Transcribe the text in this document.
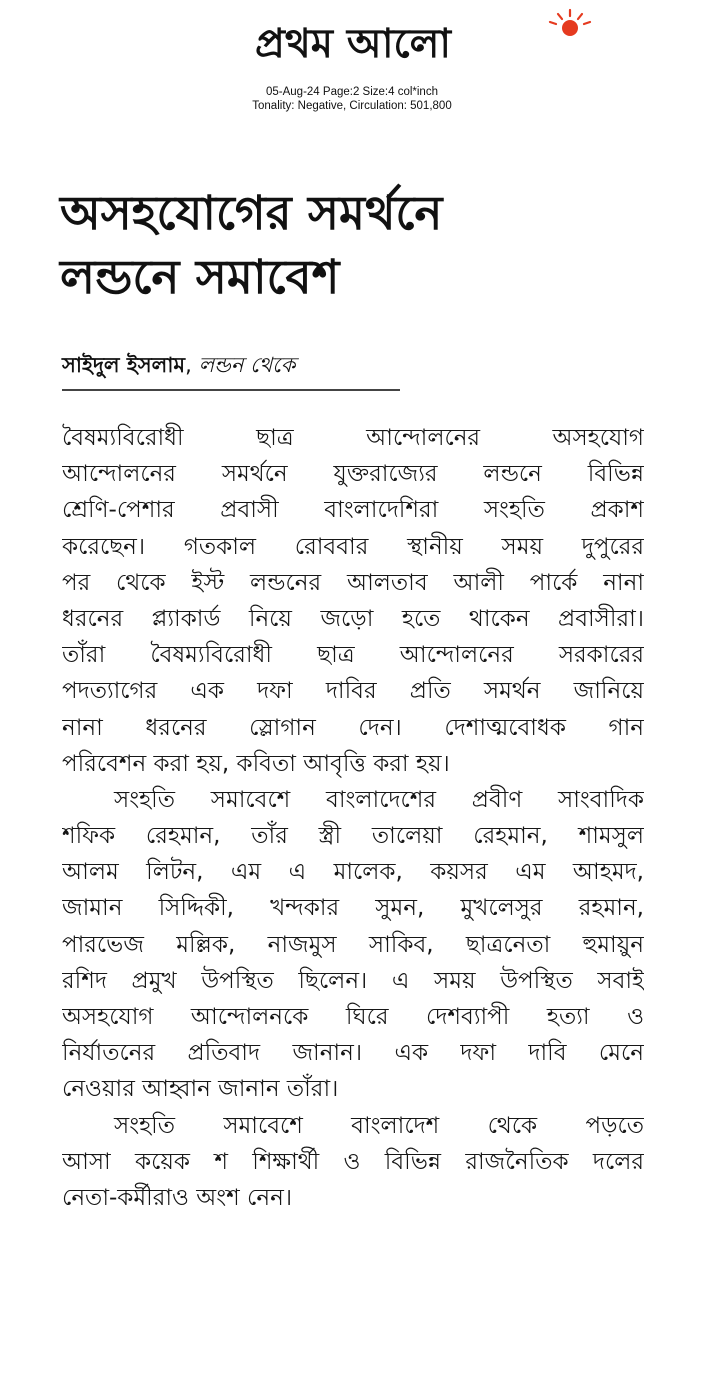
প্রথম আলো
05-Aug-24 Page:2 Size:4 col*inch
Tonality: Negative, Circulation: 501,800
অসহযোগের সমর্থনে
লন্ডনে সমাবেশ
সাইদুল ইসলাম, লন্ডন থেকে
বৈষম্যবিরোধী ছাত্র আন্দোলনের অসহযোগ
আন্দোলনের সমর্থনে যুক্তরাজ্যের লন্ডনে বিভিন্ন
শ্রেণি-পেশার প্রবাসী বাংলাদেশিরা সংহতি প্রকাশ
করেছেন। গতকাল রোববার স্থানীয় সময় দুপুরের
পর থেকে ইস্ট লন্ডনের আলতাব আলী পার্কে নানা
ধরনের প্ল্যাকার্ড নিয়ে জড়ো হতে থাকেন প্রবাসীরা।
তাঁরা বৈষম্যবিরোধী ছাত্র আন্দোলনের সরকারের
পদত্যাগের এক দফা দাবির প্রতি সমর্থন জানিয়ে
নানা ধরনের স্লোগান দেন। দেশাত্মবোধক গান
পরিবেশন করা হয়, কবিতা আবৃত্তি করা হয়।
সংহতি সমাবেশে বাংলাদেশের প্রবীণ সাংবাদিক
শফিক রেহমান, তাঁর স্ত্রী তালেয়া রেহমান, শামসুল
আলম লিটন, এম এ মালেক, কয়সর এম আহমদ,
জামান সিদ্দিকী, খন্দকার সুমন, মুখলেসুর রহমান,
পারভেজ মল্লিক, নাজমুস সাকিব, ছাত্রনেতা হুমায়ুন
রশিদ প্রমুখ উপস্থিত ছিলেন। এ সময় উপস্থিত সবাই
অসহযোগ আন্দোলনকে ঘিরে দেশব্যাপী হত্যা ও
নির্যাতনের প্রতিবাদ জানান। এক দফা দাবি মেনে
নেওয়ার আহ্বান জানান তাঁরা।
সংহতি সমাবেশে বাংলাদেশ থেকে পড়তে
আসা কয়েক শ শিক্ষার্থী ও বিভিন্ন রাজনৈতিক দলের
নেতা-কর্মীরাও অংশ নেন।
